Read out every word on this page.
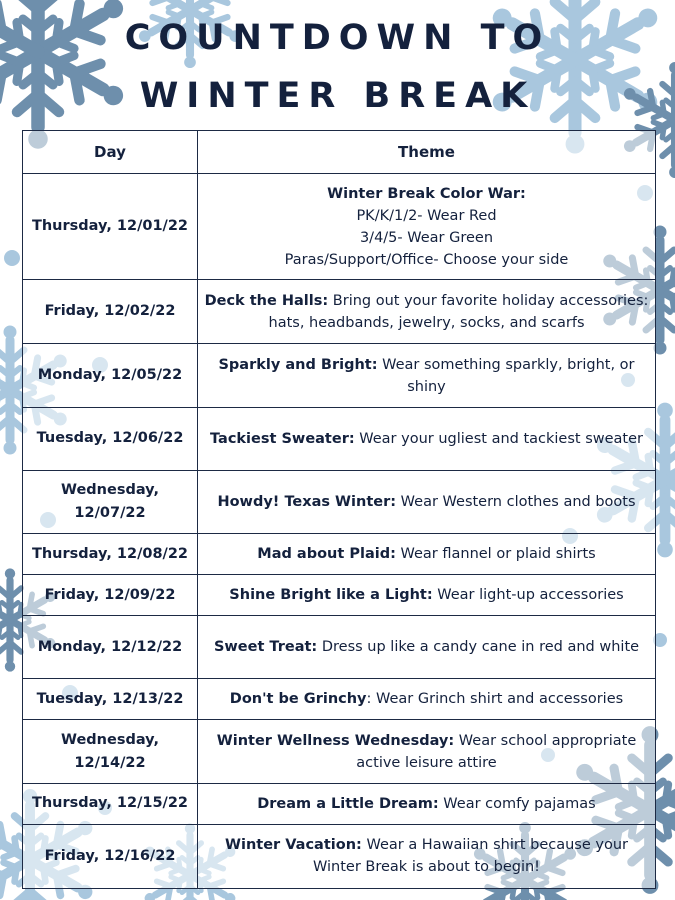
COUNTDOWN TO
WINTER BREAK
Day	Theme
Thursday, 12/01/22	Winter Break Color War:
PK/K/1/2- Wear Red
3/4/5- Wear Green
Paras/Support/Office- Choose your side
Friday, 12/02/22	Deck the Halls: Bring out your favorite holiday accessories: hats, headbands, jewelry, socks, and scarfs
Monday, 12/05/22	Sparkly and Bright: Wear something sparkly, bright, or shiny
Tuesday, 12/06/22	Tackiest Sweater: Wear your ugliest and tackiest sweater
Wednesday, 12/07/22	Howdy! Texas Winter: Wear Western clothes and boots
Thursday, 12/08/22	Mad about Plaid: Wear flannel or plaid shirts
Friday, 12/09/22	Shine Bright like a Light: Wear light-up accessories
Monday, 12/12/22	Sweet Treat: Dress up like a candy cane in red and white
Tuesday, 12/13/22	Don't be Grinchy: Wear Grinch shirt and accessories
Wednesday, 12/14/22	Winter Wellness Wednesday: Wear school appropriate active leisure attire
Thursday, 12/15/22	Dream a Little Dream: Wear comfy pajamas
Friday, 12/16/22	Winter Vacation: Wear a Hawaiian shirt because your Winter Break is about to begin!
